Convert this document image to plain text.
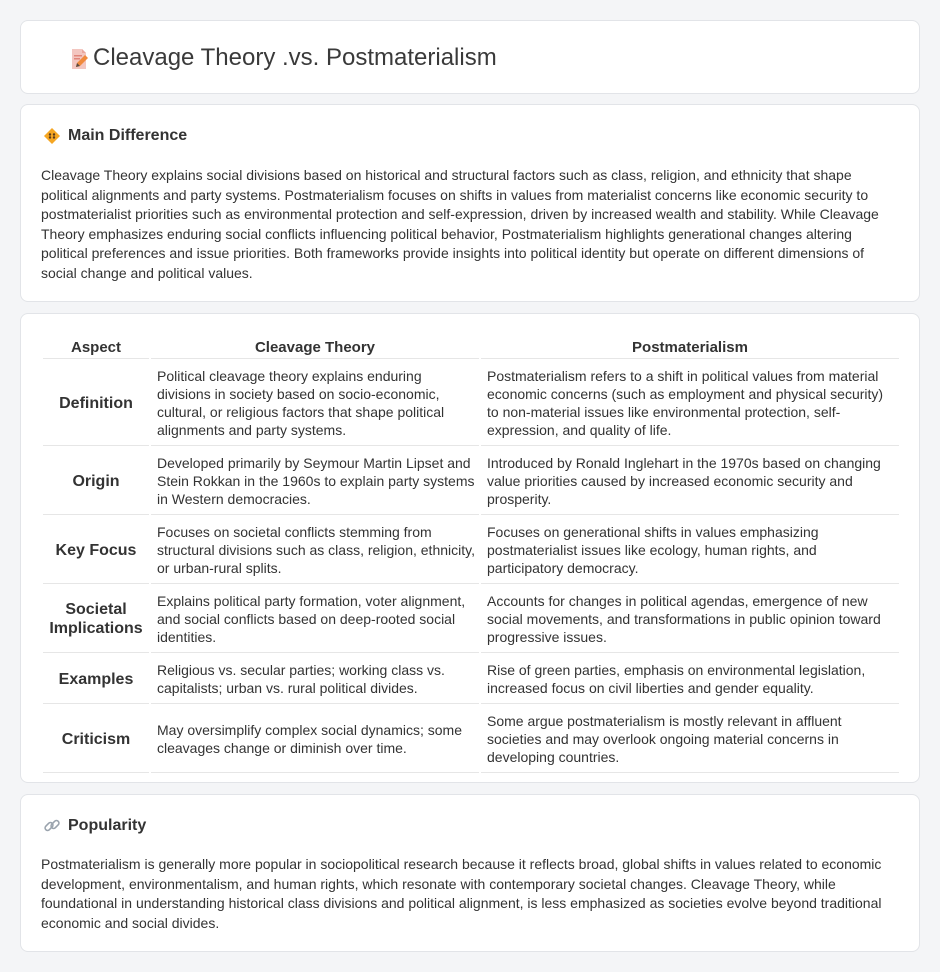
Cleavage Theory .vs. Postmaterialism
Main Difference

Cleavage Theory explains social divisions based on historical and structural factors such as class, religion, and ethnicity that shape political alignments and party systems. Postmaterialism focuses on shifts in values from materialist concerns like economic security to postmaterialist priorities such as environmental protection and self-expression, driven by increased wealth and stability. While Cleavage Theory emphasizes enduring social conflicts influencing political behavior, Postmaterialism highlights generational changes altering political preferences and issue priorities. Both frameworks provide insights into political identity but operate on different dimensions of social change and political values.

Aspect	Cleavage Theory	Postmaterialism
Definition	Political cleavage theory explains enduring divisions in society based on socio-economic, cultural, or religious factors that shape political alignments and party systems.	Postmaterialism refers to a shift in political values from material economic concerns (such as employment and physical security) to non-material issues like environmental protection, self-expression, and quality of life.
Origin	Developed primarily by Seymour Martin Lipset and Stein Rokkan in the 1960s to explain party systems in Western democracies.	Introduced by Ronald Inglehart in the 1970s based on changing value priorities caused by increased economic security and prosperity.
Key Focus	Focuses on societal conflicts stemming from structural divisions such as class, religion, ethnicity, or urban-rural splits.	Focuses on generational shifts in values emphasizing postmaterialist issues like ecology, human rights, and participatory democracy.
Societal Implications	Explains political party formation, voter alignment, and social conflicts based on deep-rooted social identities.	Accounts for changes in political agendas, emergence of new social movements, and transformations in public opinion toward progressive issues.
Examples	Religious vs. secular parties; working class vs. capitalists; urban vs. rural political divides.	Rise of green parties, emphasis on environmental legislation, increased focus on civil liberties and gender equality.
Criticism	May oversimplify complex social dynamics; some cleavages change or diminish over time.	Some argue postmaterialism is mostly relevant in affluent societies and may overlook ongoing material concerns in developing countries.
Popularity

Postmaterialism is generally more popular in sociopolitical research because it reflects broad, global shifts in values related to economic development, environmentalism, and human rights, which resonate with contemporary societal changes. Cleavage Theory, while foundational in understanding historical class divisions and political alignment, is less emphasized as societies evolve beyond traditional economic and social divides.
